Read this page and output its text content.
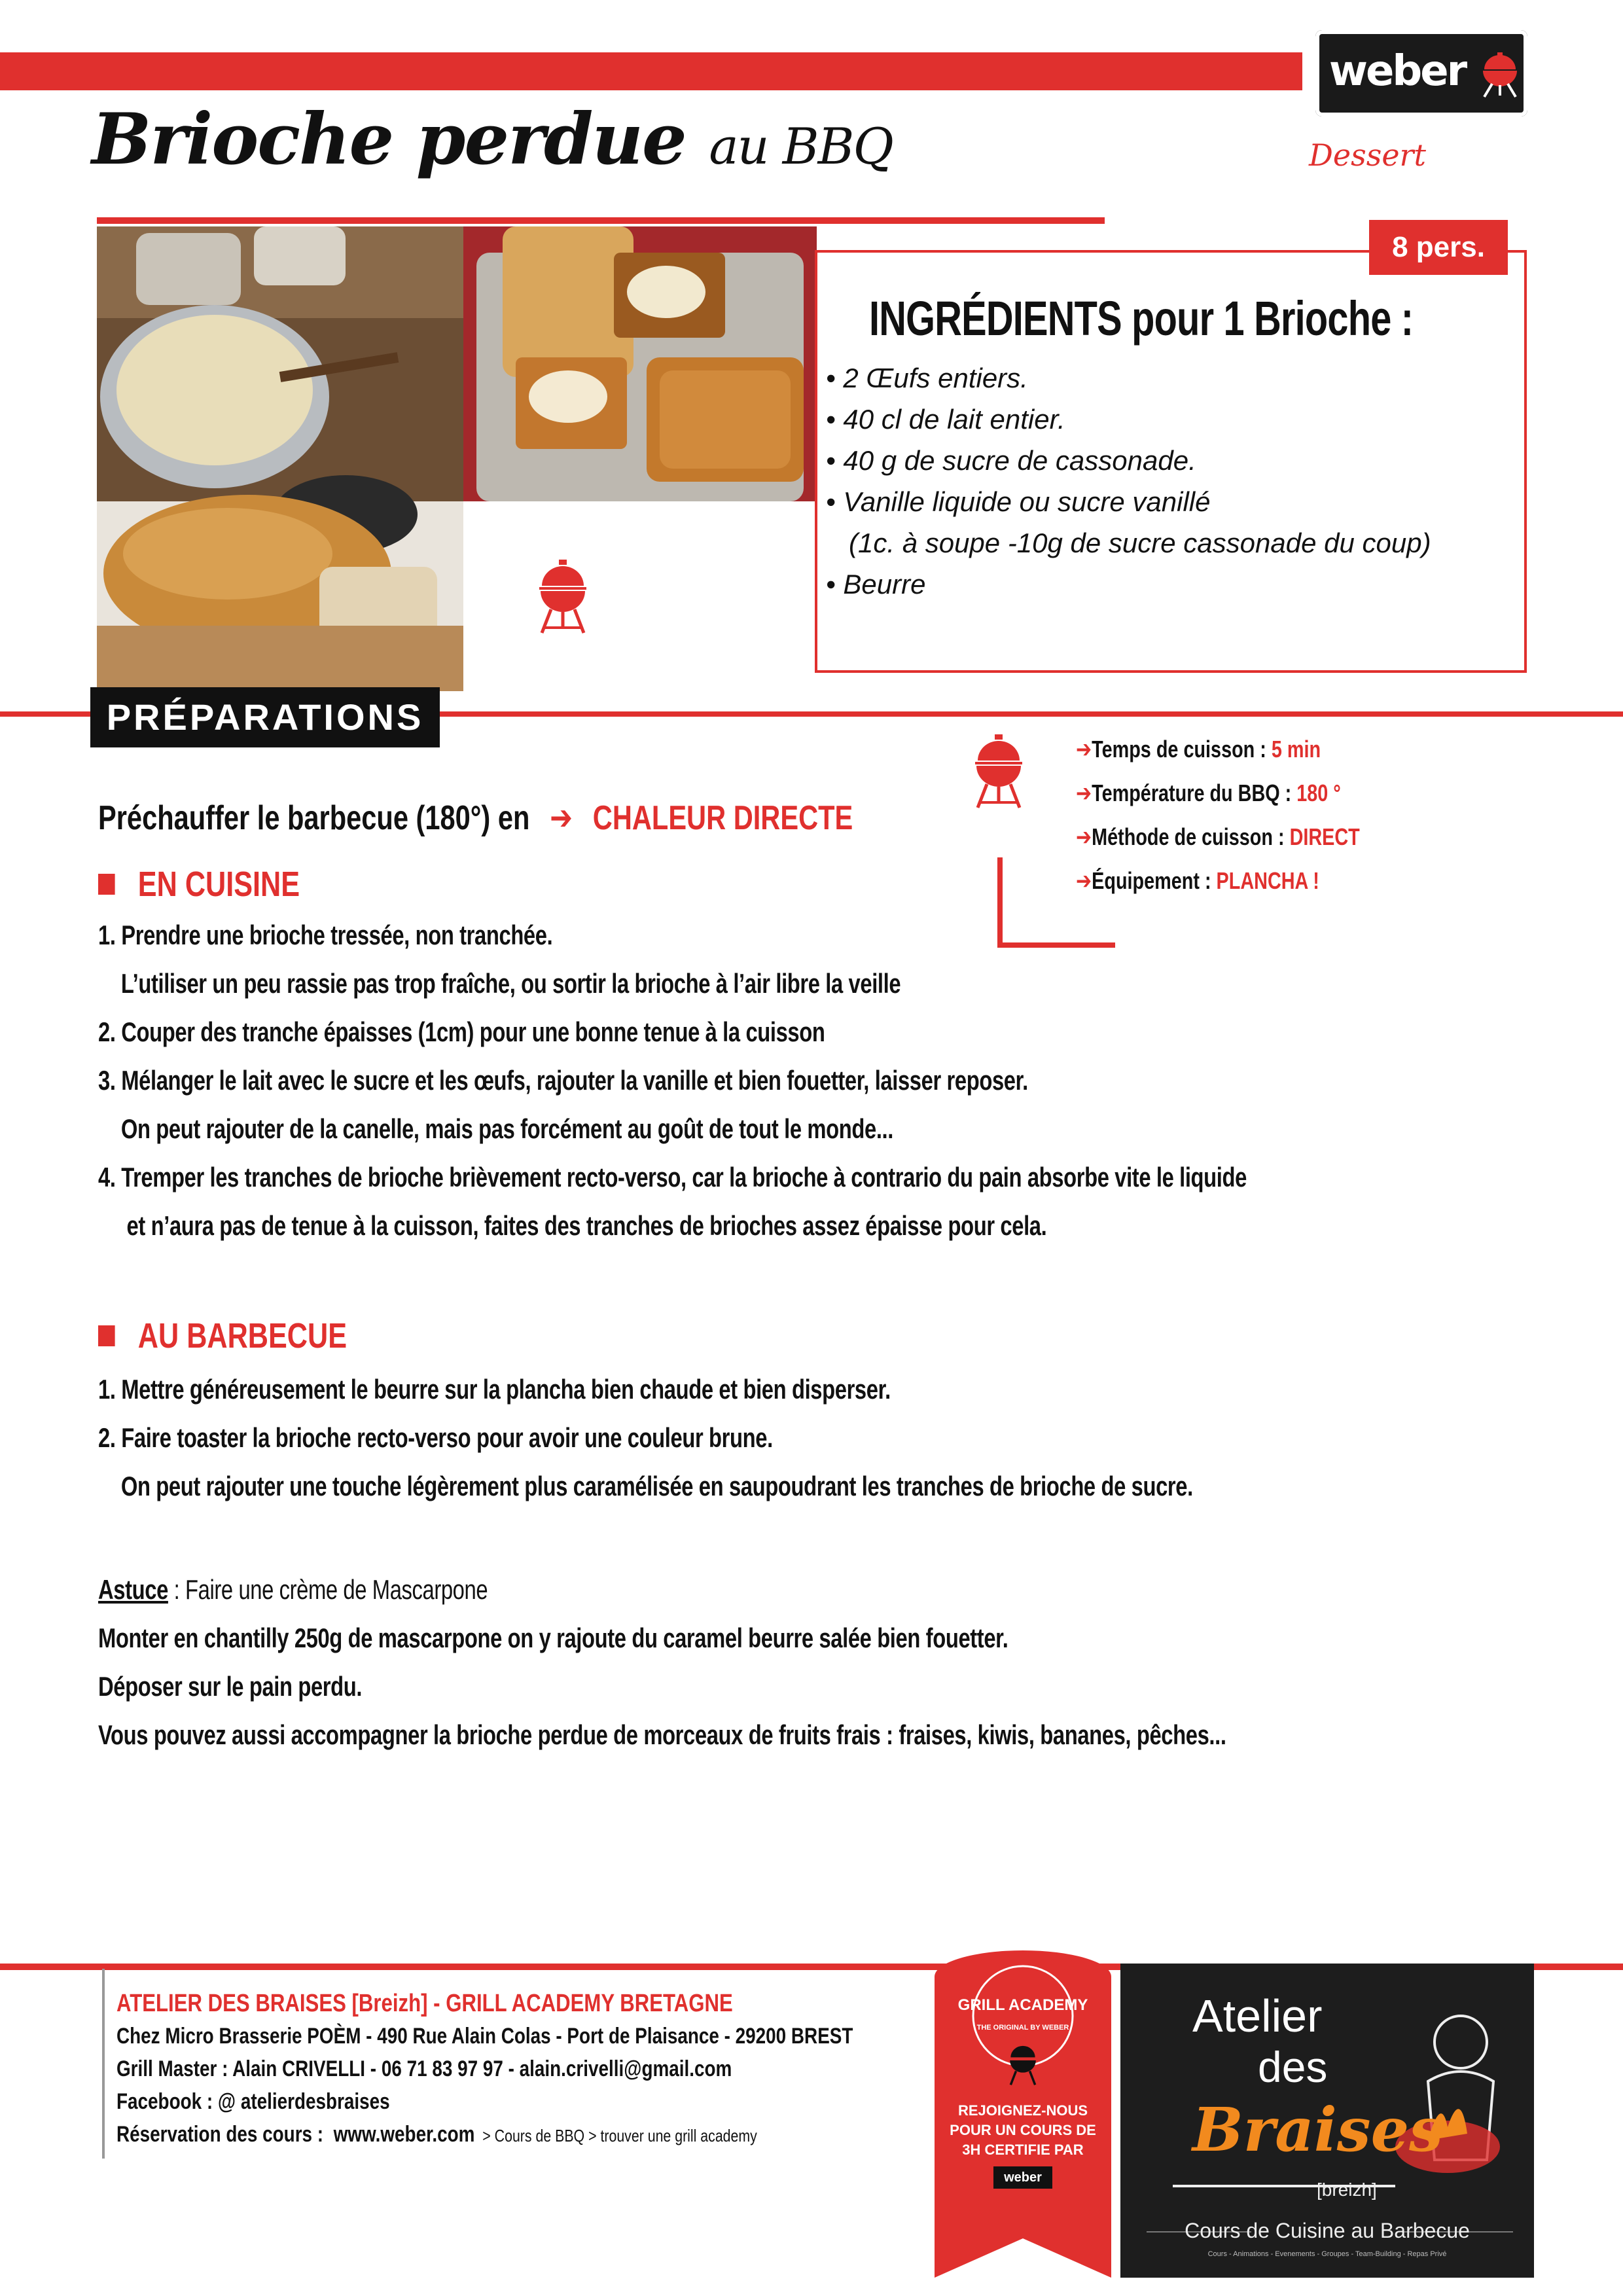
weber
Brioche perdue au BBQ	Dessert
8 pers.
INGRÉDIENTS pour 1 Brioche :
• 2 Œufs entiers.
• 40 cl de lait entier.
• 40 g de sucre de cassonade.
• Vanille liquide ou sucre vanillé
(1c. à soupe -10g de sucre cassonade du coup)
• Beurre
PRÉPARATIONS
➔Temps de cuisson : 5 min
➔Température du BBQ : 180 °
➔Méthode de cuisson : DIRECT
➔Équipement : PLANCHA !
Préchauffer le barbecue (180°) en ➔ CHALEUR DIRECTE
EN CUISINE
1. Prendre une brioche tressée, non tranchée.
L’utiliser un peu rassie pas trop fraîche, ou sortir la brioche à l’air libre la veille
2. Couper des tranche épaisses (1cm) pour une bonne tenue à la cuisson
3. Mélanger le lait avec le sucre et les œufs, rajouter la vanille et bien fouetter, laisser reposer.
On peut rajouter de la canelle, mais pas forcément au goût de tout le monde...
4. Tremper les tranches de brioche brièvement recto-verso, car la brioche à contrario du pain absorbe vite le liquide
et n’aura pas de tenue à la cuisson, faites des tranches de brioches assez épaisse pour cela.
AU BARBECUE
1. Mettre généreusement le beurre sur la plancha bien chaude et bien disperser.
2. Faire toaster la brioche recto-verso pour avoir une couleur brune.
On peut rajouter une touche légèrement plus caramélisée en saupoudrant les tranches de brioche de sucre.
Astuce : Faire une crème de Mascarpone
Monter en chantilly 250g de mascarpone on y rajoute du caramel beurre salée bien fouetter.
Déposer sur le pain perdu.
Vous pouvez aussi accompagner la brioche perdue de morceaux de fruits frais : fraises, kiwis, bananes, pêches...
ATELIER DES BRAISES [Breizh] - GRILL ACADEMY BRETAGNE
Chez Micro Brasserie POÈM - 490 Rue Alain Colas - Port de Plaisance - 29200 BREST
Grill Master : Alain CRIVELLI - 06 71 83 97 97 - alain.crivelli@gmail.com
Facebook : @ atelierdesbraises
Réservation des cours :  www.weber.com  > Cours de BBQ > trouver une grill academy
GRILL ACADEMY
THE ORIGINAL BY WEBER
REJOIGNEZ-NOUS
POUR UN COURS DE
3H CERTIFIE PAR
weber
Atelier
des
Braises
[breizh]
Cours de Cuisine au Barbecue
Cours - Animations - Evenements - Groupes - Team-Building - Repas Privé
